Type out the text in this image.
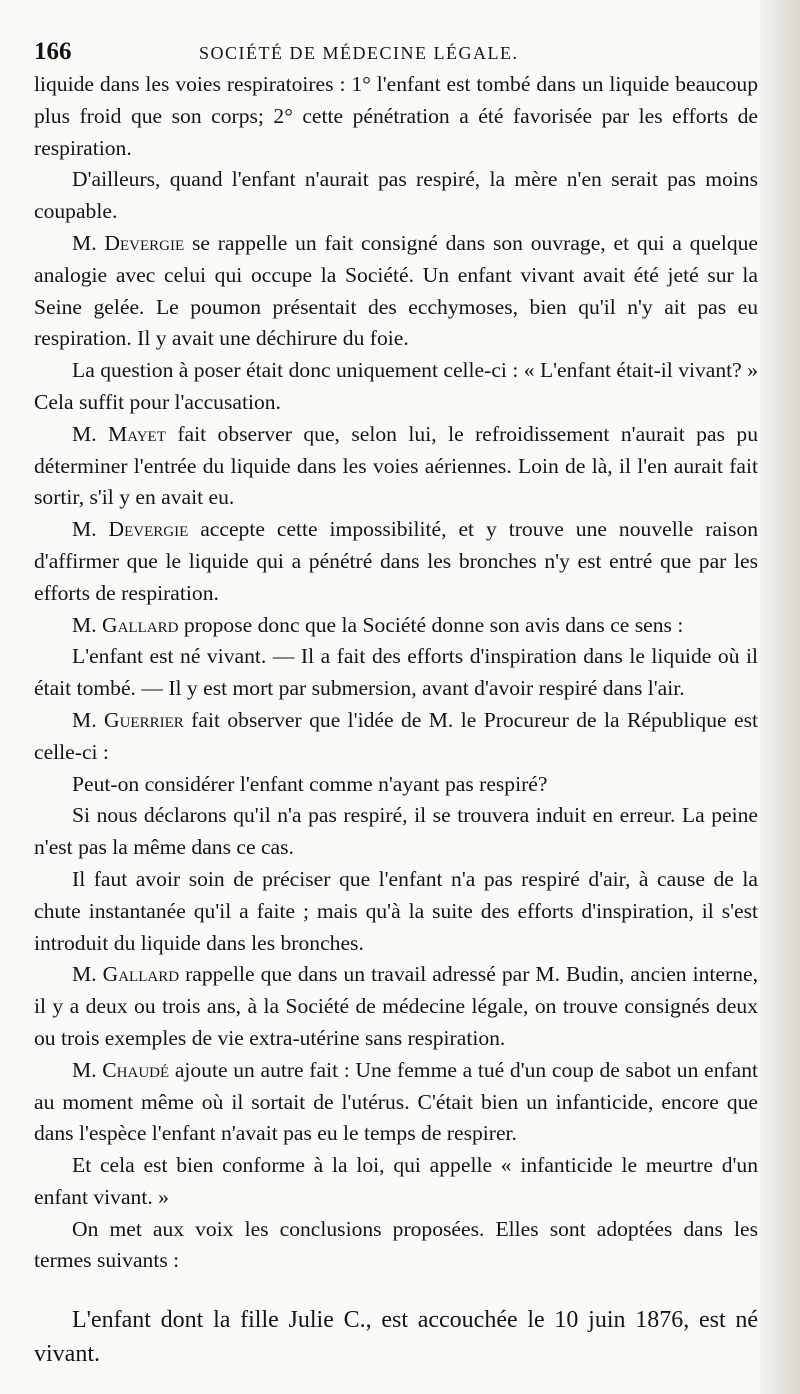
166	SOCIÉTÉ DE MÉDECINE LÉGALE.

liquide dans les voies respiratoires : 1° l'enfant est tombé dans un liquide beaucoup plus froid que son corps; 2° cette pénétration a été favorisée par les efforts de respiration.

D'ailleurs, quand l'enfant n'aurait pas respiré, la mère n'en serait pas moins coupable.

M. Devergie se rappelle un fait consigné dans son ouvrage, et qui a quelque analogie avec celui qui occupe la Société. Un enfant vivant avait été jeté sur la Seine gelée. Le poumon présentait des ecchymoses, bien qu'il n'y ait pas eu respiration. Il y avait une déchirure du foie.

La question à poser était donc uniquement celle-ci : « L'enfant était-il vivant? » Cela suffit pour l'accusation.

M. Mayet fait observer que, selon lui, le refroidissement n'aurait pas pu déterminer l'entrée du liquide dans les voies aériennes. Loin de là, il l'en aurait fait sortir, s'il y en avait eu.

M. Devergie accepte cette impossibilité, et y trouve une nouvelle raison d'affirmer que le liquide qui a pénétré dans les bronches n'y est entré que par les efforts de respiration.

M. Gallard propose donc que la Société donne son avis dans ce sens :

L'enfant est né vivant. — Il a fait des efforts d'inspiration dans le liquide où il était tombé. — Il y est mort par submersion, avant d'avoir respiré dans l'air.

M. Guerrier fait observer que l'idée de M. le Procureur de la République est celle-ci :

Peut-on considérer l'enfant comme n'ayant pas respiré?

Si nous déclarons qu'il n'a pas respiré, il se trouvera induit en erreur. La peine n'est pas la même dans ce cas.

Il faut avoir soin de préciser que l'enfant n'a pas respiré d'air, à cause de la chute instantanée qu'il a faite ; mais qu'à la suite des efforts d'inspiration, il s'est introduit du liquide dans les bronches.

M. Gallard rappelle que dans un travail adressé par M. Budin, ancien interne, il y a deux ou trois ans, à la Société de médecine légale, on trouve consignés deux ou trois exemples de vie extra-utérine sans respiration.

M. Chaudé ajoute un autre fait : Une femme a tué d'un coup de sabot un enfant au moment même où il sortait de l'utérus. C'était bien un infanticide, encore que dans l'espèce l'enfant n'avait pas eu le temps de respirer.

Et cela est bien conforme à la loi, qui appelle « infanticide le meurtre d'un enfant vivant. »

On met aux voix les conclusions proposées. Elles sont adoptées dans les termes suivants :

L'enfant dont la fille Julie C., est accouchée le 10 juin 1876, est né vivant.
